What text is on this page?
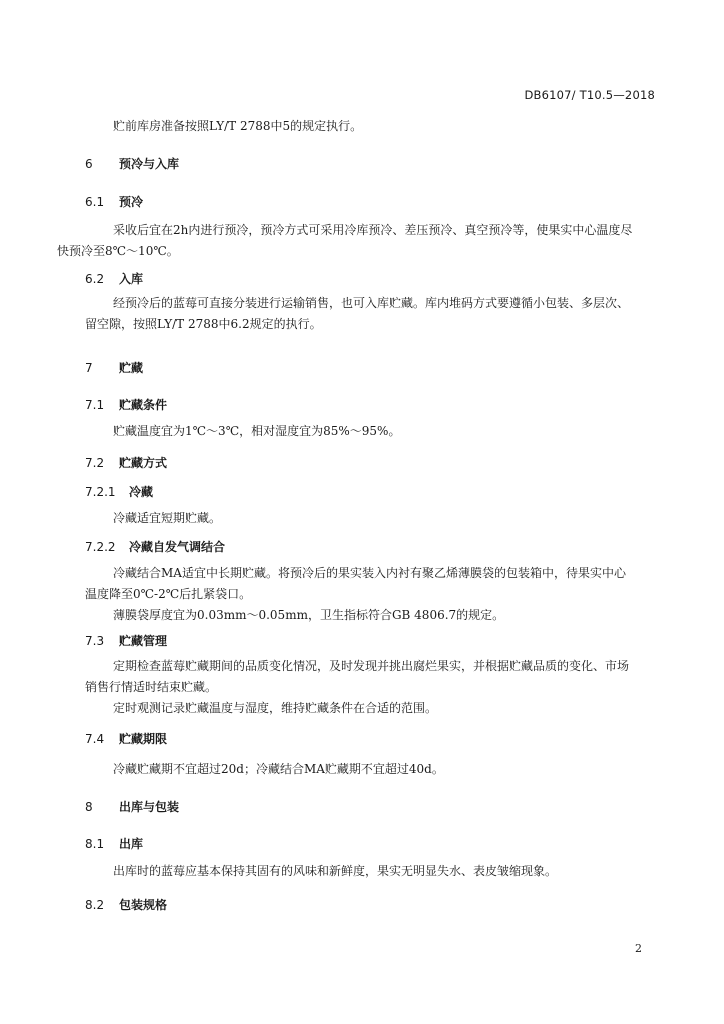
DB6107/ T10.5—2018
贮前库房准备按照LY/T 2788中5的规定执行。
6 预冷与入库
6.1 预冷
采收后宜在2h内进行预冷，预冷方式可采用冷库预冷、差压预冷、真空预冷等，使果实中心温度尽
快预冷至8℃～10℃。
6.2 入库
经预冷后的蓝莓可直接分装进行运输销售，也可入库贮藏。库内堆码方式要遵循小包装、多层次、
留空隙，按照LY/T 2788中6.2规定的执行。
7 贮藏
7.1 贮藏条件
贮藏温度宜为1℃～3℃，相对湿度宜为85%～95%。
7.2 贮藏方式
7.2.1 冷藏
冷藏适宜短期贮藏。
7.2.2 冷藏自发气调结合
冷藏结合MA适宜中长期贮藏。将预冷后的果实装入内衬有聚乙烯薄膜袋的包装箱中，待果实中心
温度降至0℃-2℃后扎紧袋口。
薄膜袋厚度宜为0.03mm～0.05mm，卫生指标符合GB 4806.7的规定。
7.3 贮藏管理
定期检查蓝莓贮藏期间的品质变化情况，及时发现并挑出腐烂果实，并根据贮藏品质的变化、市场
销售行情适时结束贮藏。
定时观测记录贮藏温度与湿度，维持贮藏条件在合适的范围。
7.4 贮藏期限
冷藏贮藏期不宜超过20d；冷藏结合MA贮藏期不宜超过40d。
8 出库与包装
8.1 出库
出库时的蓝莓应基本保持其固有的风味和新鲜度，果实无明显失水、表皮皱缩现象。
8.2 包装规格
2
